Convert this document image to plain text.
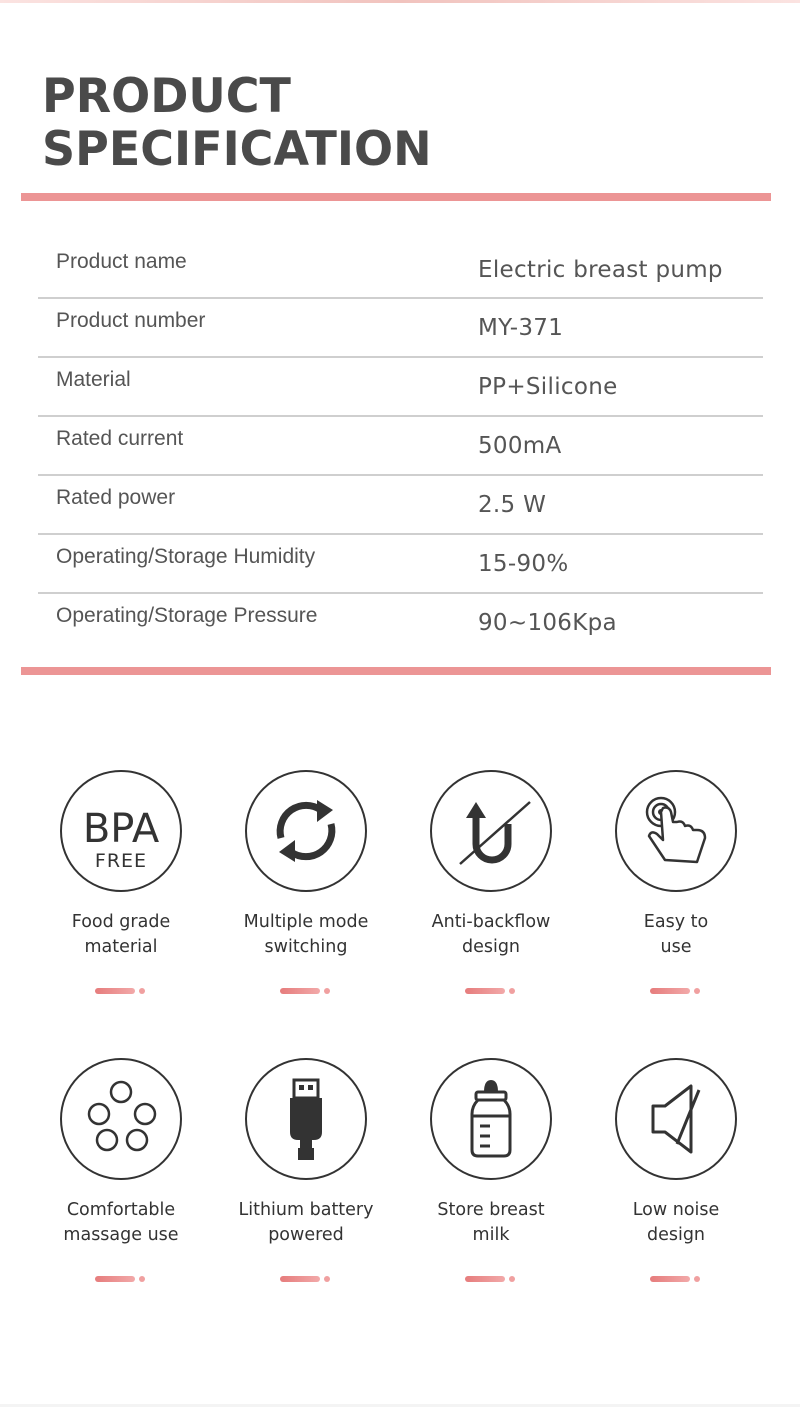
PRODUCT
SPECIFICATION
Product name	Electric breast pump
Product number	MY-371
Material	PP+Silicone
Rated current	500mA
Rated power	2.5 W
Operating/Storage Humidity	15-90%
Operating/Storage Pressure	90~106Kpa
BPA
FREE
Food grade
material
Multiple mode
switching
Anti-backflow
design
Easy to
use
Comfortable
massage use
Lithium battery
powered
Store breast
milk
Low noise
design
